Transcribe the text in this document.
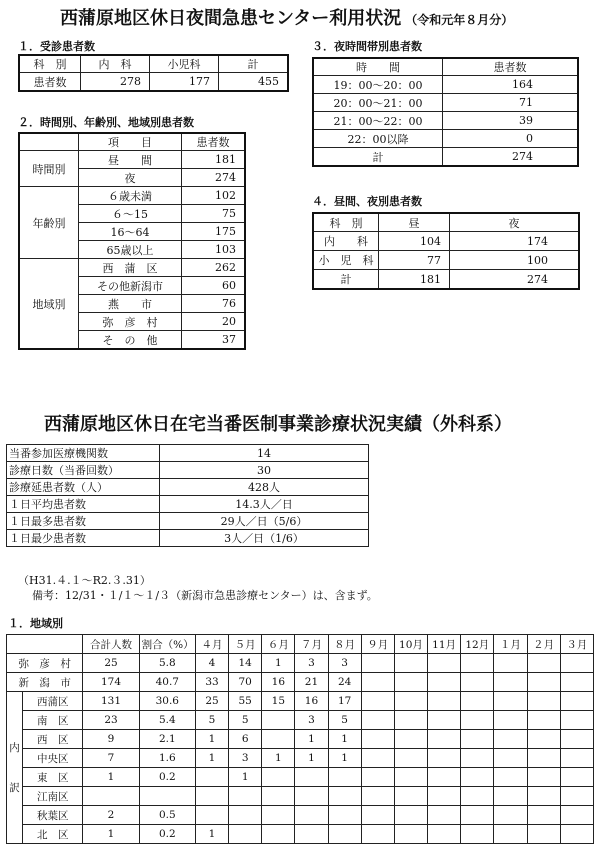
西蒲原地区休日夜間急患センター利用状況 （令和元年８月分）
１．受診患者数
科　別	内　科	小児科	計
患者数	278	177	455
２．時間別、年齢別、地域別患者数
	項　　目	患者数
時間別	昼　　間	181
	夜	274
年齢別	６歳未満	102
	６～15	75
	16～64	175
	65歳以上	103
地域別	西　蒲　区	262
	その他新潟市	60
	燕　　市	76
	弥　彦　村	20
	そ　の　他	37
３．夜時間帯別患者数
時　　間	患者数
19：00～20：00	164
20：00～21：00	71
21：00～22：00	39
22：00以降	0
計	274
４．昼間、夜別患者数
科　別	昼	夜
内　　科	104	174
小　児　科	77	100
計	181	274
西蒲原地区休日在宅当番医制事業診療状況実績（外科系）
当番参加医療機関数	14
診療日数（当番回数）	30
診療延患者数（人）	428人
１日平均患者数	14.3人／日
１日最多患者数	29人／日（5/6）
１日最少患者数	3人／日（1/6）
（H31.４.１～R2.３.31）
備考：12/31・１/１～１/３（新潟市急患診療センター）は、含まず。
１．地域別
		合計人数	割合（%）	４月	５月	６月	７月	８月	９月	10月	11月	12月	１月	２月	３月
弥　彦　村		25	5.8	4	14	1	3	3							
新　潟　市		174	40.7	33	70	16	21	24							
内訳	西蒲区	131	30.6	25	55	15	16	17							
	南　区	23	5.4	5	5		3	5							
	西　区	9	2.1	1	6		1	1							
	中央区	7	1.6	1	3	1	1	1							
	東　区	1	0.2		1										
	江南区														
	秋葉区	2	0.5												
	北　区	1	0.2	1											
